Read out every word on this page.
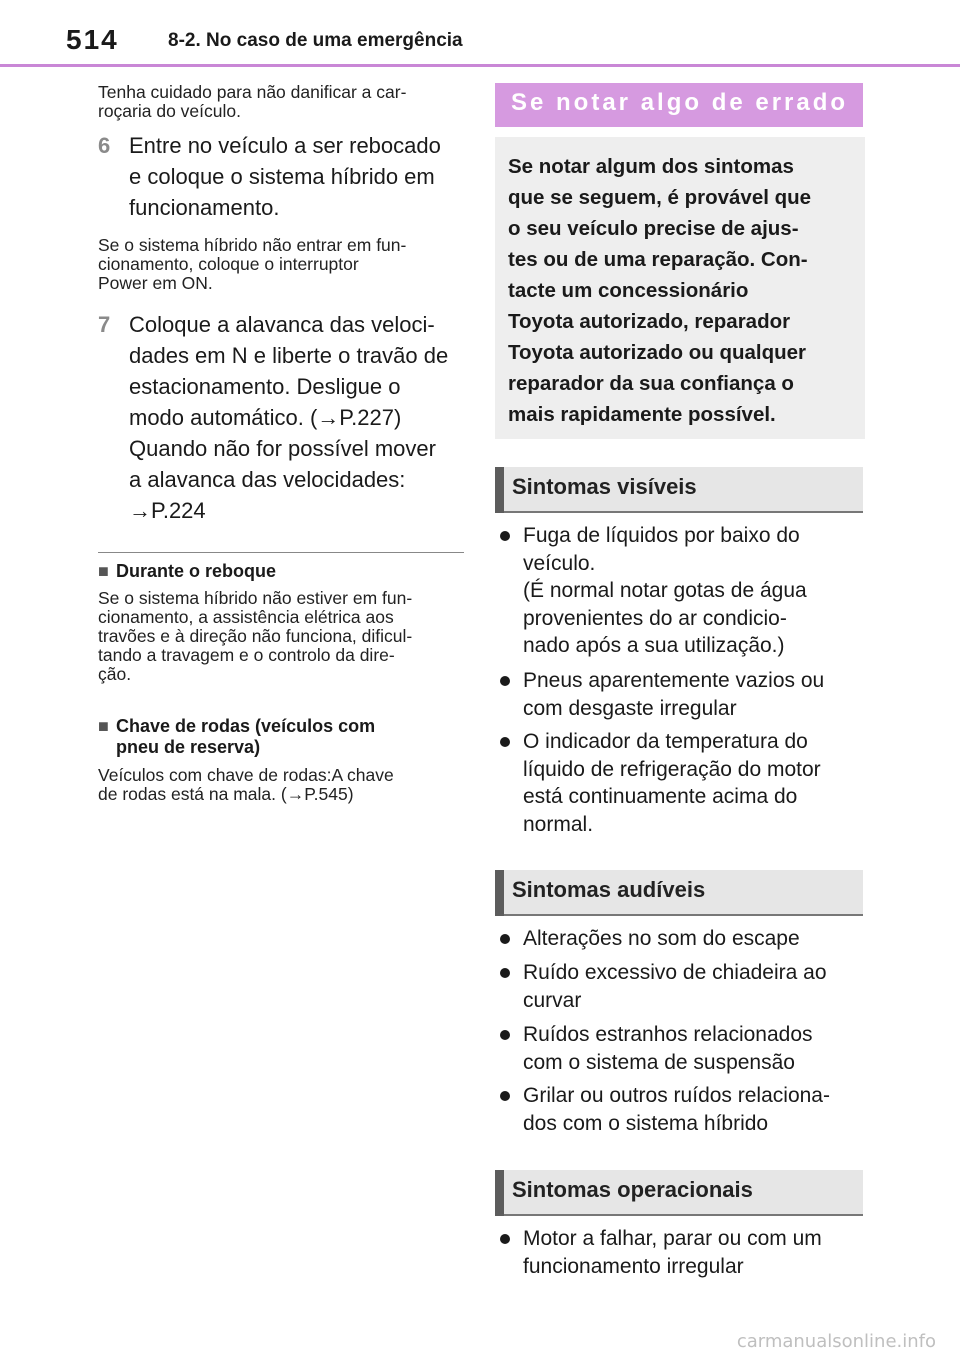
514	8-2. No caso de uma emergência
Tenha cuidado para não danificar a car-
roçaria do veículo.
6 Entre no veículo a ser rebocado
e coloque o sistema híbrido em
funcionamento.
Se o sistema híbrido não entrar em fun-
cionamento, coloque o interruptor
Power em ON.
7 Coloque a alavanca das veloci-
dades em N e liberte o travão de
estacionamento. Desligue o
modo automático. (→P.227)
Quando não for possível mover
a alavanca das velocidades:
→P.224
■ Durante o reboque
Se o sistema híbrido não estiver em fun-
cionamento, a assistência elétrica aos
travões e à direção não funciona, dificul-
tando a travagem e o controlo da dire-
ção.
■ Chave de rodas (veículos com
pneu de reserva)
Veículos com chave de rodas:A chave
de rodas está na mala. (→P.545)
Se notar algo de errado
Se notar algum dos sintomas
que se seguem, é provável que
o seu veículo precise de ajus-
tes ou de uma reparação. Con-
tacte um concessionário
Toyota autorizado, reparador
Toyota autorizado ou qualquer
reparador da sua confiança o
mais rapidamente possível.
Sintomas visíveis
Fuga de líquidos por baixo do
veículo.
(É normal notar gotas de água
provenientes do ar condicio-
nado após a sua utilização.)
Pneus aparentemente vazios ou
com desgaste irregular
O indicador da temperatura do
líquido de refrigeração do motor
está continuamente acima do
normal.
Sintomas audíveis
Alterações no som do escape
Ruído excessivo de chiadeira ao
curvar
Ruídos estranhos relacionados
com o sistema de suspensão
Grilar ou outros ruídos relaciona-
dos com o sistema híbrido
Sintomas operacionais
Motor a falhar, parar ou com um
funcionamento irregular
carmanualsonline.info
